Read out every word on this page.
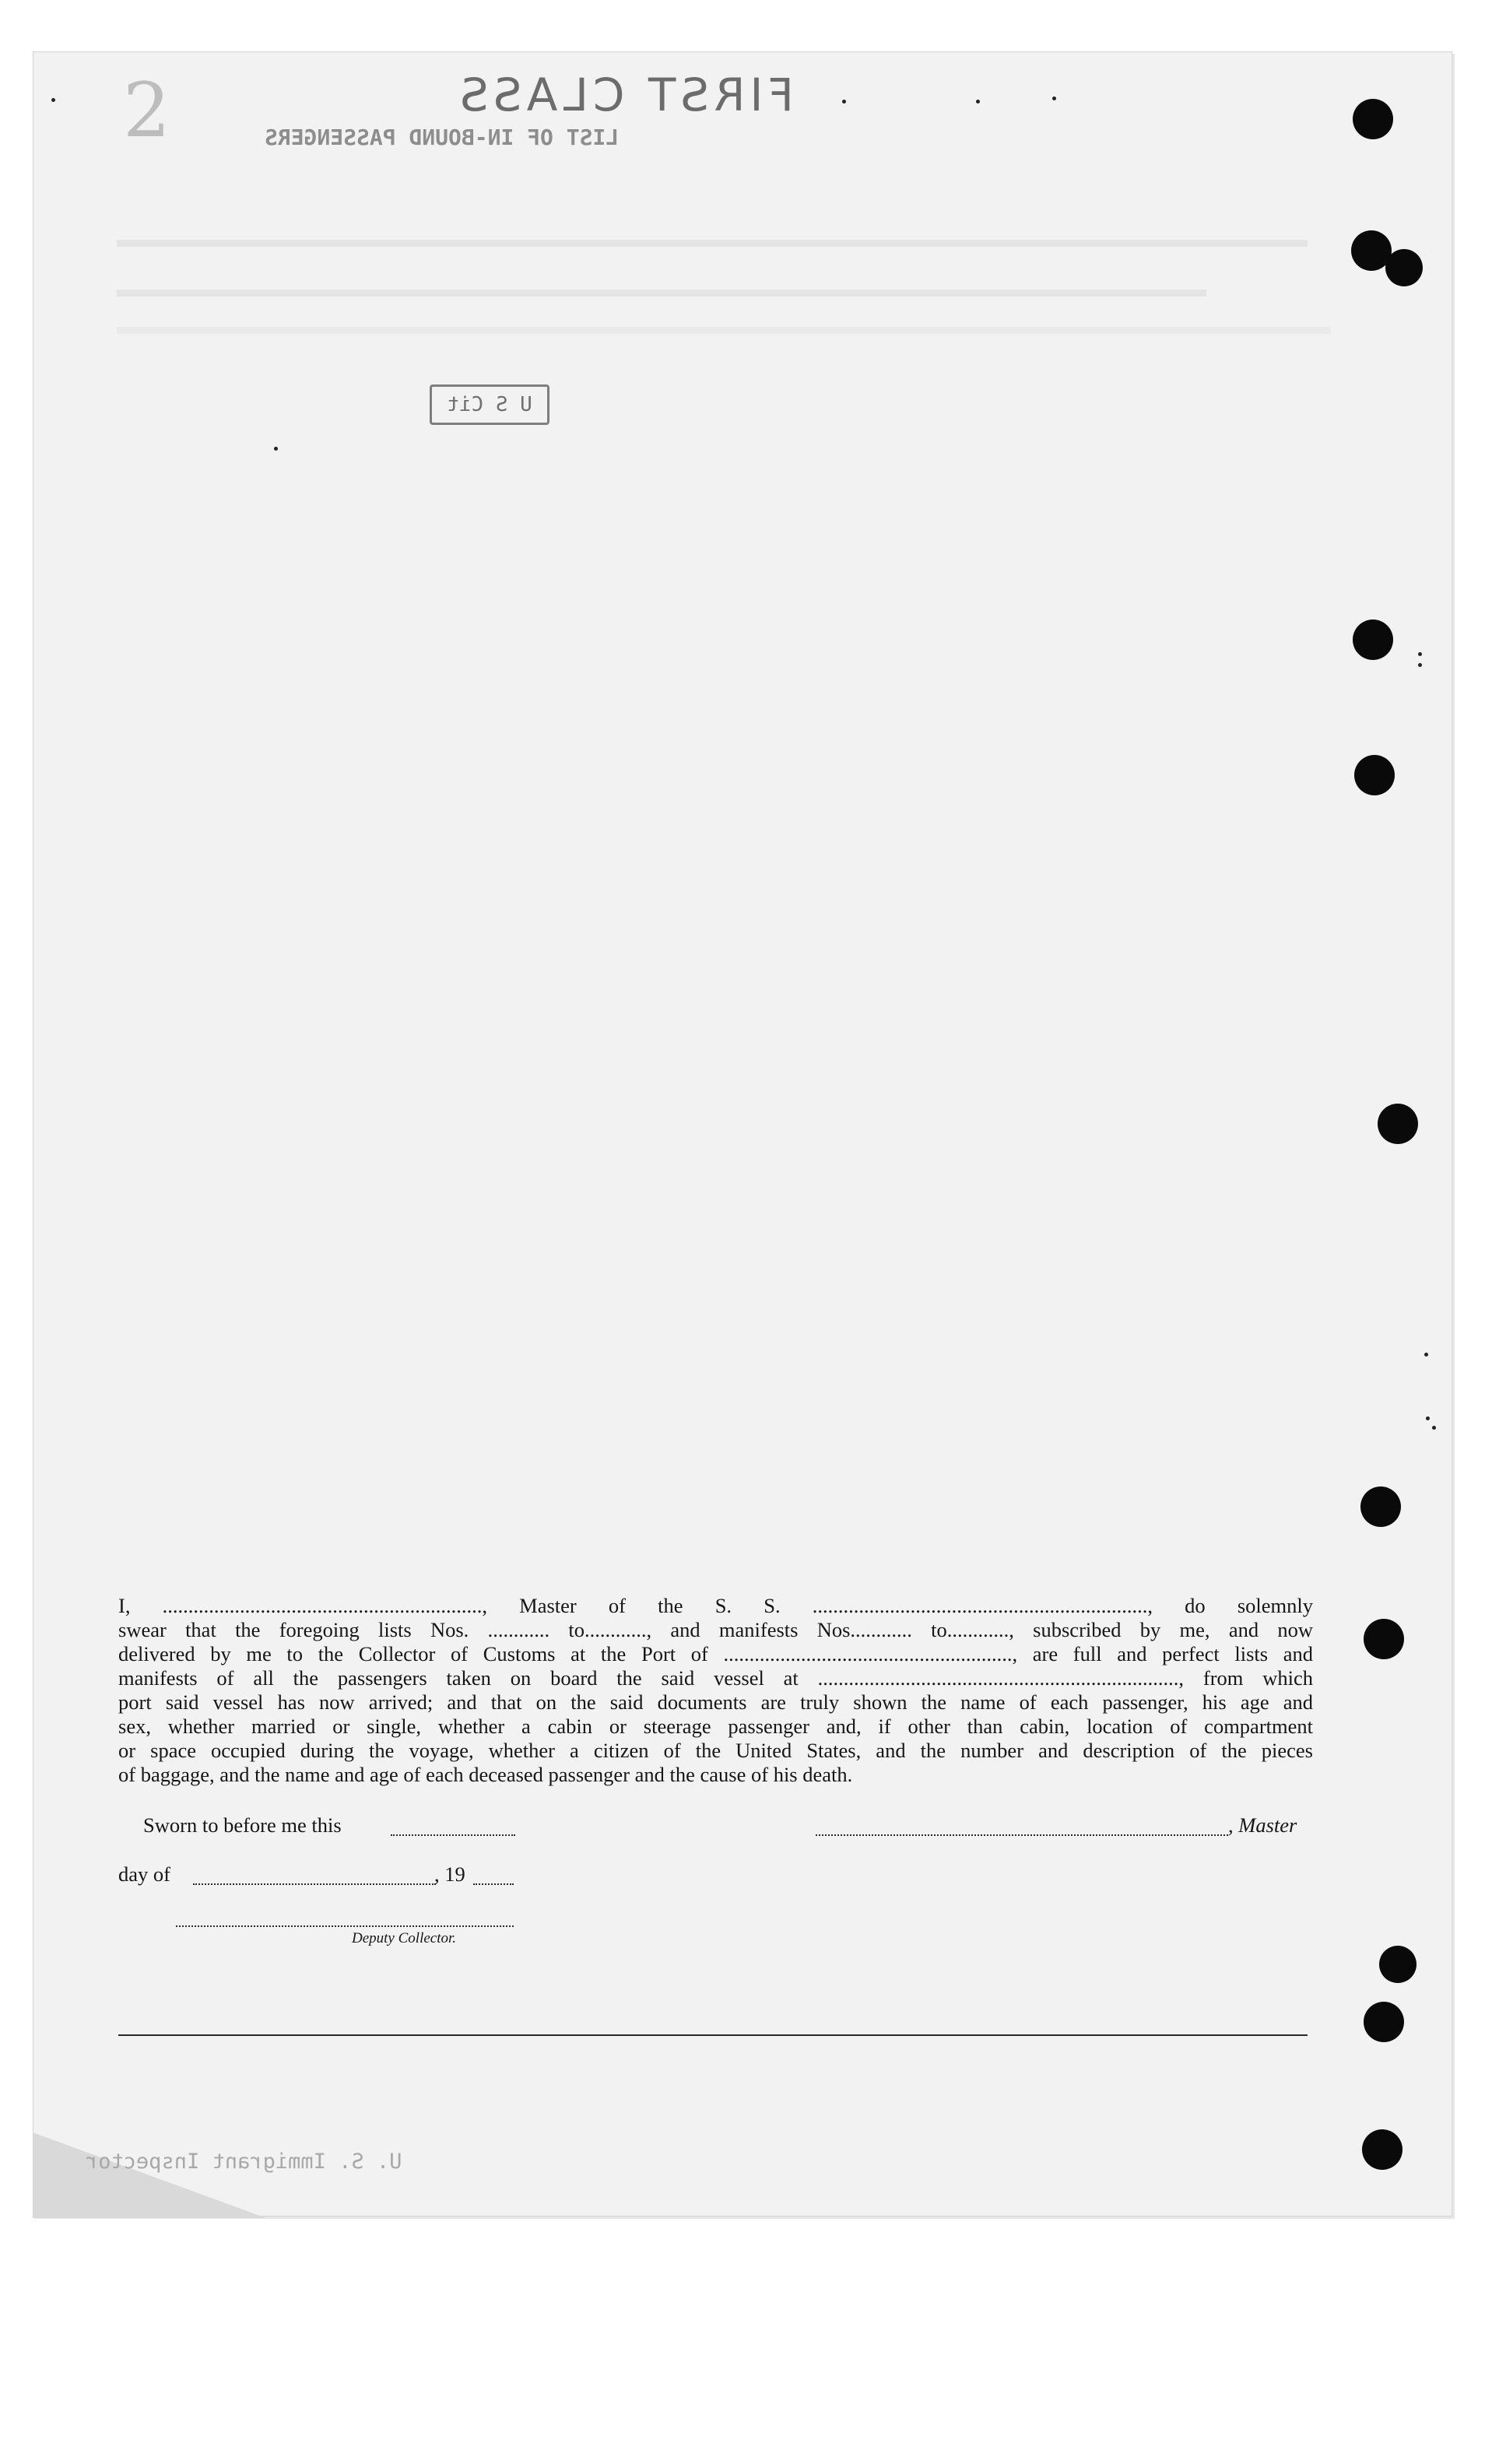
2	FIRST CLASS
LIST OF IN-BOUND PASSENGERS
U S Cit
U. S. Immigrant Inspector

I, .............................................................., Master of the S. S. ................................................................., do solemnly

swear that the foregoing lists Nos. ............ to............, and manifests Nos............ to............, subscribed by me, and now

delivered by me to the Collector of Customs at the Port of ........................................................, are full and perfect lists and

manifests of all the passengers taken on board the said vessel at ......................................................................, from which

port said vessel has now arrived; and that on the said documents are truly shown the name of each passenger, his age and

sex, whether married or single, whether a cabin or steerage passenger and, if other than cabin, location of compartment

or space occupied during the voyage, whether a citizen of the United States, and the number and description of the pieces

of baggage, and the name and age of each deceased passenger and the cause of his death.

Sworn to before me this	, Master
day of	, 19
Deputy Collector.
